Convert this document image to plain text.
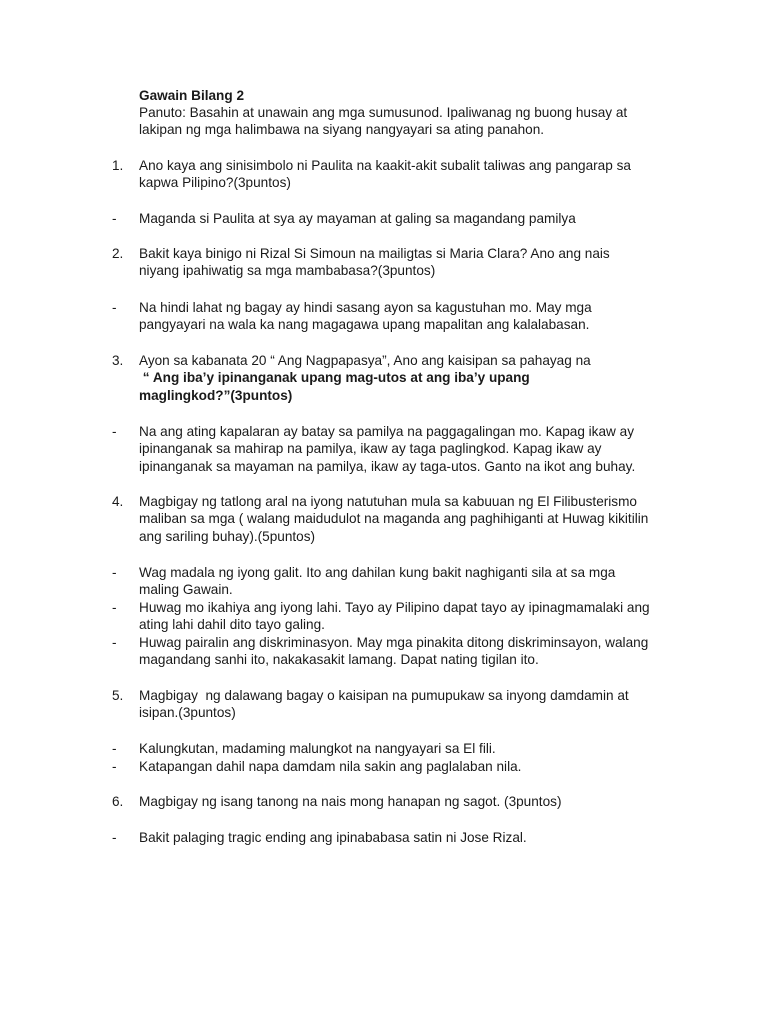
Gawain Bilang 2
Panuto: Basahin at unawain ang mga sumusunod. Ipaliwanag ng buong husay at
lakipan ng mga halimbawa na siyang nangyayari sa ating panahon.
1.	Ano kaya ang sinisimbolo ni Paulita na kaakit-akit subalit taliwas ang pangarap sa
kapwa Pilipino?(3puntos)
-	Maganda si Paulita at sya ay mayaman at galing sa magandang pamilya
2.	Bakit kaya binigo ni Rizal Si Simoun na mailigtas si Maria Clara? Ano ang nais
niyang ipahiwatig sa mga mambabasa?(3puntos)
-	Na hindi lahat ng bagay ay hindi sasang ayon sa kagustuhan mo. May mga
pangyayari na wala ka nang magagawa upang mapalitan ang kalalabasan.
3.	Ayon sa kabanata 20 “ Ang Nagpapasya”, Ano ang kaisipan sa pahayag na
“ Ang iba’y ipinanganak upang mag-utos at ang iba’y upang
maglingkod?”(3puntos)
-	Na ang ating kapalaran ay batay sa pamilya na paggagalingan mo. Kapag ikaw ay
ipinanganak sa mahirap na pamilya, ikaw ay taga paglingkod. Kapag ikaw ay
ipinanganak sa mayaman na pamilya, ikaw ay taga-utos. Ganto na ikot ang buhay.
4.	Magbigay ng tatlong aral na iyong natutuhan mula sa kabuuan ng El Filibusterismo
maliban sa mga ( walang maidudulot na maganda ang paghihiganti at Huwag kikitilin
ang sariling buhay).(5puntos)
-	Wag madala ng iyong galit. Ito ang dahilan kung bakit naghiganti sila at sa mga
maling Gawain.
-	Huwag mo ikahiya ang iyong lahi. Tayo ay Pilipino dapat tayo ay ipinagmamalaki ang
ating lahi dahil dito tayo galing.
-	Huwag pairalin ang diskriminasyon. May mga pinakita ditong diskriminsayon, walang
magandang sanhi ito, nakakasakit lamang. Dapat nating tigilan ito.
5.	Magbigay  ng dalawang bagay o kaisipan na pumupukaw sa inyong damdamin at
isipan.(3puntos)
-	Kalungkutan, madaming malungkot na nangyayari sa El fili.
-	Katapangan dahil napa damdam nila sakin ang paglalaban nila.
6.	Magbigay ng isang tanong na nais mong hanapan ng sagot. (3puntos)
-	Bakit palaging tragic ending ang ipinababasa satin ni Jose Rizal.
